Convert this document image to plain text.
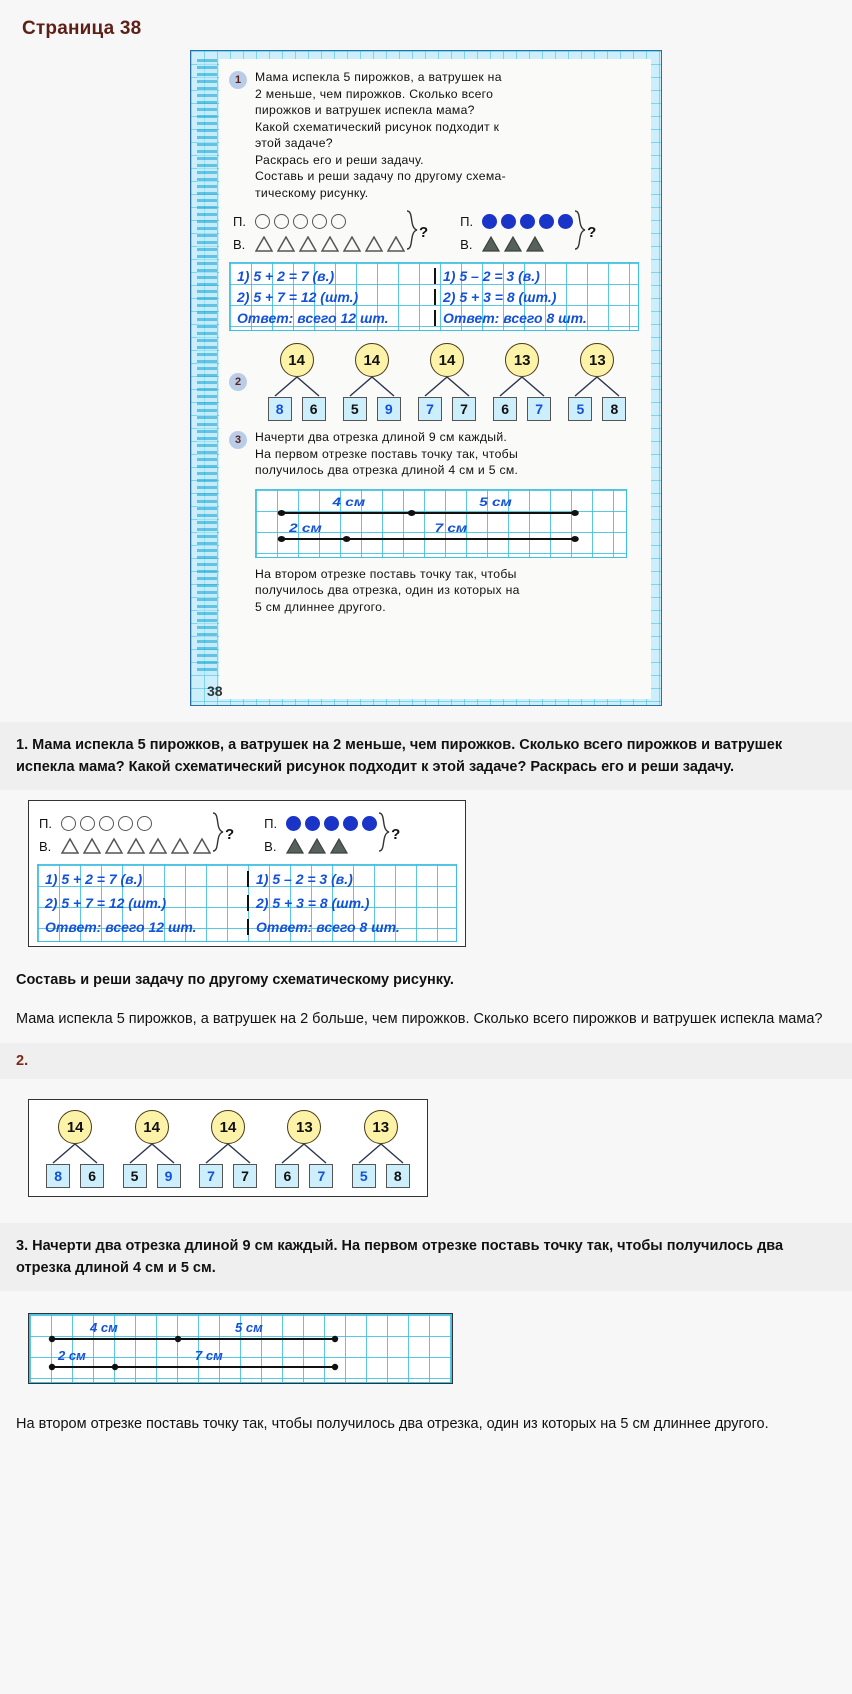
Страница 38
1	Мама испекла 5 пирожков, а ватрушек на
2 меньше, чем пирожков. Сколько всего
пирожков и ватрушек испекла мама?
Какой схематический рисунок подходит к
этой задаче?
Раскрась его и реши задачу.
Составь и реши задачу по другому схема-
тическому рисунку.
П.
В.
?
П.
В.
?
1) 5 + 2 = 7 (в.)	1) 5 – 2 = 3 (в.)
2) 5 + 7 = 12 (шт.)	2) 5 + 3 = 8 (шт.)
Ответ: всего 12 шт.	Ответ: всего 8 шт.
2
14
8	6
14
5	9
14
7	7
13
6	7
13
5	8
3	Начерти два отрезка длиной 9 см каждый.
На первом отрезке поставь точку так, чтобы
получилось два отрезка длиной 4 см и 5 см.
4 см	5 см
2 см	7 см
На втором отрезке поставь точку так, чтобы
получилось два отрезка, один из которых на
5 см длиннее другого.
38
1. Мама испекла 5 пирожков, а ватрушек на 2 меньше, чем пирожков. Сколько всего пирожков и ватрушек испекла мама? Какой схематический рисунок подходит к этой задаче? Раскрась его и реши задачу.
П.
В.
?
П.
В.
?
1) 5 + 2 = 7 (в.)	1) 5 – 2 = 3 (в.)
2) 5 + 7 = 12 (шт.)	2) 5 + 3 = 8 (шт.)
Ответ: всего 12 шт.	Ответ: всего 8 шт.
Составь и реши задачу по другому схематическому рисунку.
Мама испекла 5 пирожков, а ватрушек на 2 больше, чем пирожков. Сколько всего пирожков и ватрушек испекла мама?
2.
14
8	6
14
5	9
14
7	7
13
6	7
13
5	8
3. Начерти два отрезка длиной 9 см каждый. На первом отрезке поставь точку так, чтобы получилось два отрезка длиной 4 см и 5 см.
4 см	5 см
2 см	7 см
На втором отрезке поставь точку так, чтобы получилось два отрезка, один из которых на 5 см длиннее другого.
